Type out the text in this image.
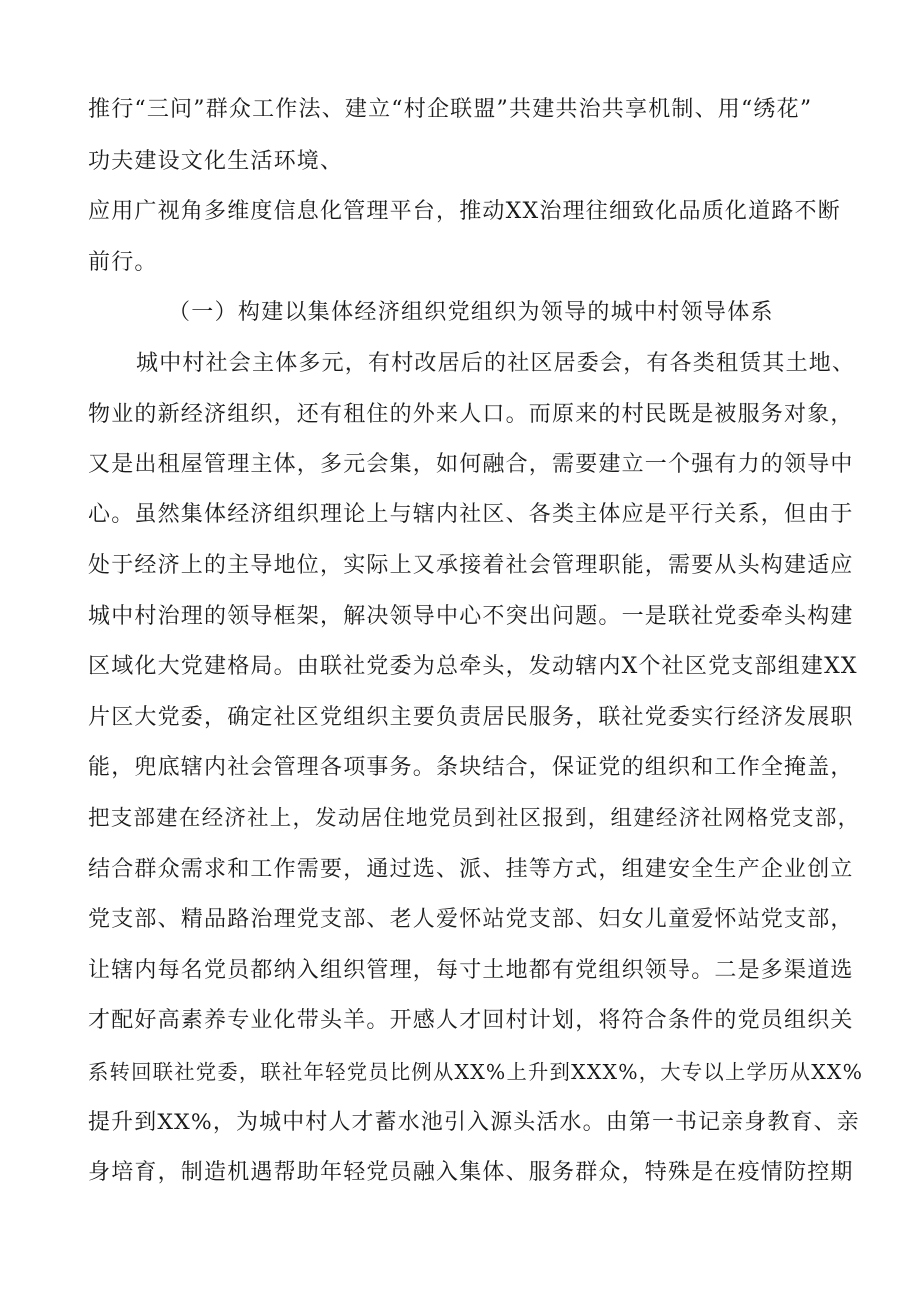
推行“三问”群众工作法、建立“村企联盟”共建共治共享机制、用“绣花”
功夫建设文化生活环境、
应用广视角多维度信息化管理平台，推动XX治理往细致化品质化道路不断
前行。
（一）构建以集体经济组织党组织为领导的城中村领导体系
城中村社会主体多元，有村改居后的社区居委会，有各类租赁其土地、
物业的新经济组织，还有租住的外来人口。而原来的村民既是被服务对象，
又是出租屋管理主体，多元会集，如何融合，需要建立一个强有力的领导中
心。虽然集体经济组织理论上与辖内社区、各类主体应是平行关系，但由于
处于经济上的主导地位，实际上又承接着社会管理职能，需要从头构建适应
城中村治理的领导框架，解决领导中心不突出问题。一是联社党委牵头构建
区域化大党建格局。由联社党委为总牵头，发动辖内X个社区党支部组建XX
片区大党委，确定社区党组织主要负责居民服务，联社党委实行经济发展职
能，兜底辖内社会管理各项事务。条块结合，保证党的组织和工作全掩盖，
把支部建在经济社上，发动居住地党员到社区报到，组建经济社网格党支部，
结合群众需求和工作需要，通过选、派、挂等方式，组建安全生产企业创立
党支部、精品路治理党支部、老人爱怀站党支部、妇女儿童爱怀站党支部，
让辖内每名党员都纳入组织管理，每寸土地都有党组织领导。二是多渠道选
才配好高素养专业化带头羊。开感人才回村计划，将符合条件的党员组织关
系转回联社党委，联社年轻党员比例从XX%上升到XXX%，大专以上学历从XX%
提升到XX%，为城中村人才蓄水池引入源头活水。由第一书记亲身教育、亲
身培育，制造机遇帮助年轻党员融入集体、服务群众，特殊是在疫情防控期
